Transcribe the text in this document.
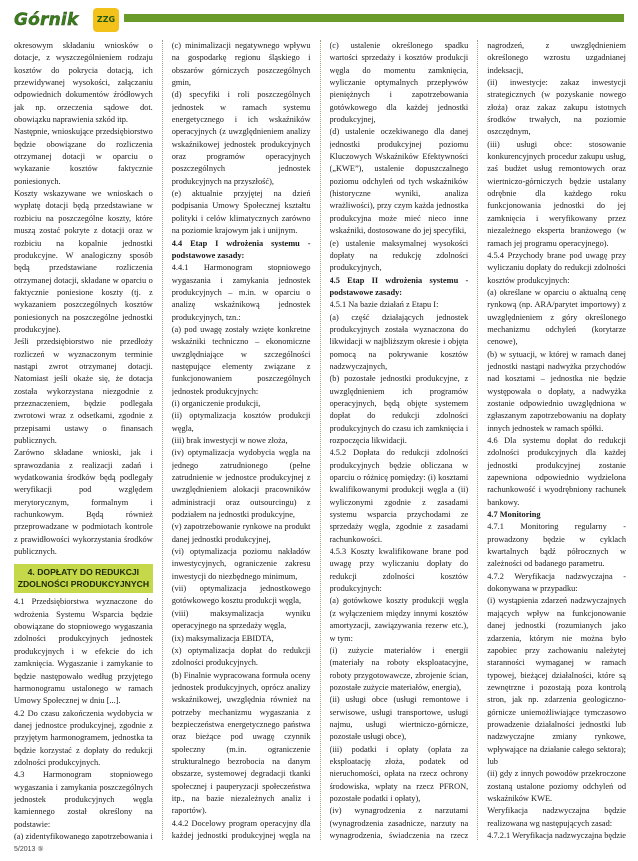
Górnik	ZZG

okresowym składaniu wniosków o dotacje, z wyszczególnieniem rodzaju kosztów do pokrycia dotacją, ich przewidywanej wysokości, załączaniu odpowiednich dokumentów źródłowych jak np. orzeczenia sądowe dot. obowiązku naprawienia szkód itp.

Następnie, wnioskujące przedsiębiorstwo będzie obowiązane do rozliczenia otrzymanej dotacji w oparciu o wykazanie kosztów faktycznie poniesionych.

Koszty wskazywane we wnioskach o wypłatę dotacji będą przedstawiane w rozbiciu na poszczególne koszty, które muszą zostać pokryte z dotacji oraz w rozbiciu na kopalnie jednostki produkcyjne. W analogiczny sposób będą przedstawiane rozliczenia otrzymanej dotacji, składane w oparciu o faktycznie poniesione koszty (tj. z wykazaniem poszczególnych kosztów poniesionych na poszczególne jednostki produkcyjne).

Jeśli przedsiębiorstwo nie przedłoży rozliczeń w wyznaczonym terminie nastąpi zwrot otrzymanej dotacji. Natomiast jeśli okaże się, że dotacja została wykorzystana niezgodnie z przeznaczeniem, będzie podlegała zwrotowi wraz z odsetkami, zgodnie z przepisami ustawy o finansach publicznych.

Zarówno składane wnioski, jak i sprawozdania z realizacji zadań i wydatkowania środków będą podlegały weryfikacji pod względem merytorycznym, formalnym i rachunkowym. Będą również przeprowadzane w podmiotach kontrole z prawidłowości wykorzystania środków publicznych.

4. DOPŁATY DO REDUKCJI ZDOLNOŚCI PRODUKCYJNYCH

4.1 Przedsiębiorstwa wyznaczone do wdrożenia Systemu Wsparcia będzie obowiązane do stopniowego wygaszania zdolności produkcyjnych jednostek produkcyjnych i w efekcie do ich zamknięcia. Wygaszanie i zamykanie to będzie następowało według przyjętego harmonogramu ustalonego w ramach Umowy Społecznej w dniu [...].

4.2 Do czasu zakończenia wydobycia w danej jednostce produkcyjnej, zgodnie z przyjętym harmonogramem, jednostka ta będzie korzystać z dopłaty do redukcji zdolności produkcyjnych.

4.3 Harmonogram stopniowego wygaszania i zamykania poszczególnych jednostek produkcyjnych węgla kamiennego został określony na podstawie:

(a) zidentyfikowanego zapotrzebowania i

(c) minimalizacji negatywnego wpływu na gospodarkę regionu śląskiego i obszarów górniczych poszczególnych gmin,

(d) specyfiki i roli poszczególnych jednostek w ramach systemu energetycznego i ich wskaźników operacyjnych (z uwzględnieniem analizy wskaźnikowej jednostek produkcyjnych oraz programów operacyjnych poszczególnych jednostek produkcyjnych na przyszłość),

(e) aktualnie przyjętej na dzień podpisania Umowy Społecznej kształtu polityki i celów klimatycznych zarówno na poziomie krajowym jak i unijnym.

4.4 Etap I wdrożenia systemu - podstawowe zasady:

4.4.1 Harmonogram stopniowego wygaszania i zamykania jednostek produkcyjnych – m.in. w oparciu o analizę wskaźnikową jednostek produkcyjnych, tzn.:

(a) pod uwagę zostały wzięte konkretne wskaźniki techniczno – ekonomiczne uwzględniające w szczególności następujące elementy związane z funkcjonowaniem poszczególnych jednostek produkcyjnych:

(i) organiczenie produkcji,

(ii) optymalizacja kosztów produkcji węgla,

(iii) brak inwestycji w nowe złoża,

(iv) optymalizacja wydobycia węgla na jednego zatrudnionego (pełne zatrudnienie w jednostce produkcyjnej z uwzględnieniem alokacji pracowników administracji oraz outsourcingu) z podziałem na jednostki produkcyjne,

(v) zapotrzebowanie rynkowe na produkt danej jednostki produkcyjnej,

(vi) optymalizacja poziomu nakładów inwestycyjnych, ograniczenie zakresu inwestycji do niezbędnego minimum,

(vii) optymalizacja jednostkowego gotówkowego kosztu produkcji węgla,

(viii) maksymalizacja wyniku operacyjnego na sprzedaży węgla,

(ix) maksymalizacja EBIDTA,

(x) optymalizacja dopłat do redukcji zdolności produkcyjnych.

(b) Finalnie wypracowana formuła oceny jednostek produkcyjnych, oprócz analizy wskaźnikowej, uwzględnia również na potrzeby mechanizmu wygaszania z bezpieczeństwa energetycznego państwa oraz bieżące pod uwagę czynnik społeczny (m.in. ograniczenie strukturalnego bezrobocia na danym obszarze, systemowej degradacji tkanki społecznej i pauperyzacji społeczeństwa itp., na bazie niezależnych analiz i raportów).

4.4.2 Docelowy program operacyjny dla każdej jednostki produkcyjnej węgla na

(c) ustalenie określonego spadku wartości sprzedaży i kosztów produkcji węgla do momentu zamknięcia, wyliczanie optymalnych przepływów pieniężnych i zapotrzebowania gotówkowego dla każdej jednostki produkcyjnej,

(d) ustalenie oczekiwanego dla danej jednostki produkcyjnej poziomu Kluczowych Wskaźników Efektywności („KWE”), ustalenie dopuszczalnego poziomu odchyleń od tych wskaźników (historyczne wyniki, analiza wrażliwości), przy czym każda jednostka produkcyjna może mieć nieco inne wskaźniki, dostosowane do jej specyfiki,

(e) ustalenie maksymalnej wysokości dopłaty na redukcję zdolności produkcyjnych,

4.5 Etap II wdrożenia systemu - podstawowe zasady:

4.5.1 Na bazie działań z Etapu I:

(a) część działających jednostek produkcyjnych została wyznaczona do likwidacji w najbliższym okresie i objęta pomocą na pokrywanie kosztów nadzwyczajnych,

(b) pozostałe jednostki produkcyjne, z uwzględnieniem ich programów operacyjnych, będą objęte systemem dopłat do redukcji zdolności produkcyjnych do czasu ich zamknięcia i rozpoczęcia likwidacji.

4.5.2 Dopłata do redukcji zdolności produkcyjnych będzie obliczana w oparciu o różnicę pomiędzy: (i) kosztami kwalifikowanymi produkcji węgla a (ii) wyliczonymi zgodnie z zasadami systemu wsparcia przychodami ze sprzedaży węgla, zgodnie z zasadami rachunkowości.

4.5.3 Koszty kwalifikowane brane pod uwagę przy wyliczaniu dopłaty do redukcji zdolności kosztów produkcyjnych:

(a) gotówkowe koszty produkcji węgla (z wyłączeniem między innymi kosztów amortyzacji, zawiązywania rezerw etc.), w tym:

(i) zużycie materiałów i energii (materiały na roboty eksploatacyjne, roboty przygotowawcze, zbrojenie ścian, pozostałe zużycie materiałów, energia),

(ii) usługi obce (usługi remontowe i serwisowe, usługi transportowe, usługi najmu, usługi wiertniczo-górnicze, pozostałe usługi obce),

(iii) podatki i opłaty (opłata za eksploatację złoża, podatek od nieruchomości, opłata na rzecz ochrony środowiska, wpłaty na rzecz PFRON, pozostałe podatki i opłaty),

(iv) wynagrodzenia z narzutami (wynagrodzenia zasadnicze, narzuty na wynagrodzenia, świadczenia na rzecz

nagrodzeń, z uwzględnieniem określonego wzrostu uzgadnianej indeksacji,

(ii) inwestycje: zakaz inwestycji strategicznych (w pozyskanie nowego złoża) oraz zakaz zakupu istotnych środków trwałych, na poziomie oszczędnym,

(iii) usługi obce: stosowanie konkurencyjnych procedur zakupu usług, zaś budżet usług remontowych oraz wiertniczo-górniczych będzie ustalany odrębnie dla każdego roku funkcjonowania jednostki do jej zamknięcia i weryfikowany przez niezależnego eksperta branżowego (w ramach jej programu operacyjnego).

4.5.4 Przychody brane pod uwagę przy wyliczaniu dopłaty do redukcji zdolności kosztów produkcyjnych:

(a) określane w oparciu o aktualną cenę rynkową (np. ARA/parytet importowy) z uwzględnieniem z góry określonego mechanizmu odchyleń (korytarze cenowe),

(b) w sytuacji, w której w ramach danej jednostki nastąpi nadwyżka przychodów nad kosztami – jednostka nie będzie występowała o dopłaty, a nadwyżka zostanie odpowiednio uwzględniona w zgłaszanym zapotrzebowaniu na dopłaty innych jednostek w ramach spółki.

4.6 Dla systemu dopłat do redukcji zdolności produkcyjnych dla każdej jednostki produkcyjnej zostanie zapewniona odpowiednio wydzielona rachunkowość i wyodrębniony rachunek bankowy.

4.7 Monitoring

4.7.1 Monitoring regularny - prowadzony będzie w cyklach kwartalnych bądź półrocznych w zależności od badanego parametru.

4.7.2 Weryfikacja nadzwyczajna - dokonywana w przypadku:

(i) wystąpienia zdarzeń nadzwyczajnych mających wpływ na funkcjonowanie danej jednostki (rozumianych jako zdarzenia, którym nie można było zapobiec przy zachowaniu należytej staranności wymaganej w ramach typowej, bieżącej działalności, które są zewnętrzne i pozostają poza kontrolą stron, jak np. zdarzenia geologiczno-górnicze uniemożliwiające tymczasowo prowadzenie działalności jednostki lub nadzwyczajne zmiany rynkowe, wpływające na działanie całego sektora); lub

(ii) gdy z innych powodów przekroczone zostaną ustalone poziomy odchyleń od wskaźników KWE.

Weryfikacja nadzwyczajna będzie realizowana wg następujących zasad:

4.7.2.1 Weryfikacja nadzwyczajna będzie

5/2013 ⑤
